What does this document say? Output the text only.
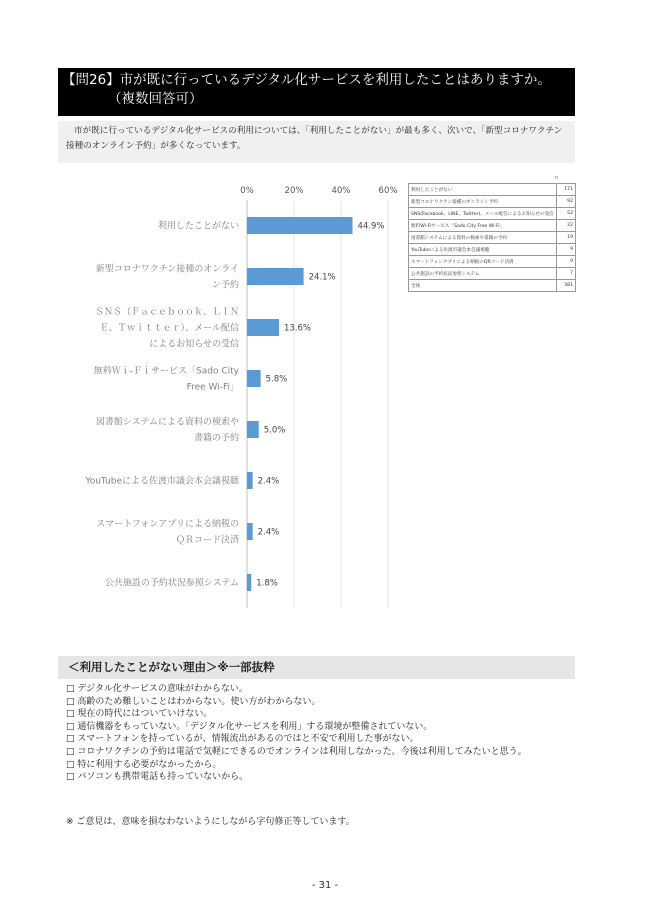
【問26】市が既に行っているデジタル化サービスを利用したことはありますか。
（複数回答可）
市が既に行っているデジタル化サービスの利用については、「利用したことがない」が最も多く、次いで、「新型コロナワクチン接種のオンライン予約」が多くなっています。
0%	20%	40%	60%
44.9%
利用したことがない
24.1%
新型コロナワクチン接種のオンライ
ン予約
13.6%
ＳＮＳ（Ｆａｃｅｂｏｏｋ、ＬＩＮ
Ｅ、Ｔｗｉｔｔｅｒ）、メール配信
によるお知らせの受信
5.8%
無料Ｗｉ-Ｆｉサービス「Sado City
Free Wi-Fi」
5.0%
図書館システムによる資料の検索や
書籍の予約
2.4%
YouTubeによる佐渡市議会本会議視聴
2.4%
スマートフォンアプリによる納税の
ＱＲコード決済
1.8%
公共施設の予約状況参照システム
n
利用したことがない	171
新型コロナワクチン接種のオンライン予約	92
SNS(Facebook、LINE、Twitter)、メール配信によるお知らせの受信	52
無料Wi-Fiサービス「Sado City Free Wi-Fi」	22
図書館システムによる資料の検索や書籍の予約	19
YouTubeによる佐渡市議会本会議視聴	9
スマートフォンアプリによる納税のQRコード決済	9
公共施設の予約状況参照システム	7
全体	381
＜利用したことがない理由＞※一部抜粋
□ デジタル化サービスの意味がわからない。
□ 高齢のため難しいことはわからない。使い方がわからない。
□ 現在の時代にはついていけない。
□ 通信機器をもっていない。「デジタル化サービスを利用」する環境が整備されていない。
□ スマートフォンを持っているが、情報流出があるのではと不安で利用した事がない。
□ コロナワクチンの予約は電話で気軽にできるのでオンラインは利用しなかった。今後は利用してみたいと思う。
□ 特に利用する必要がなかったから。
□ パソコンも携帯電話も持っていないから。
※ ご意見は、意味を損なわないようにしながら字句修正等しています。
- 31 -
